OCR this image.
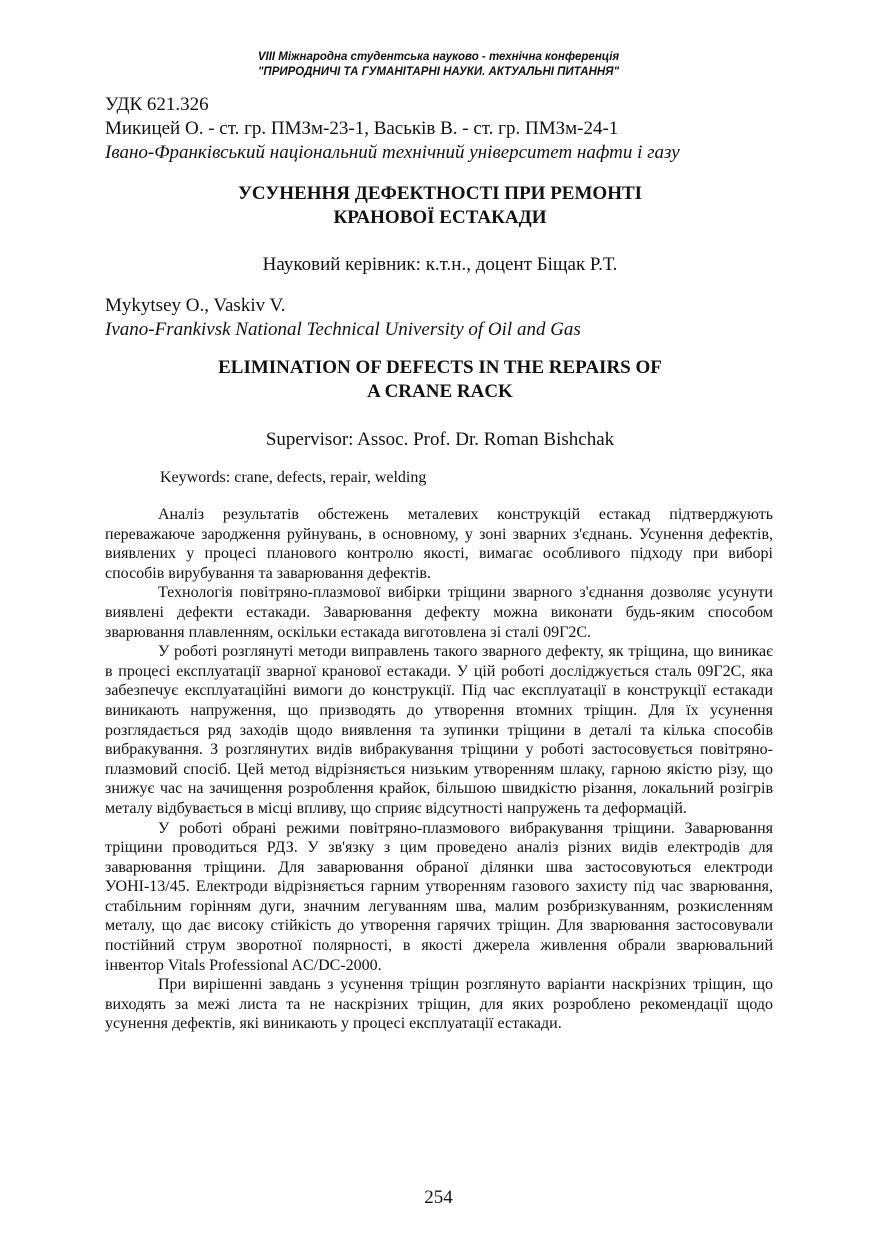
VIII Міжнародна студентська науково - технічна конференція
"ПРИРОДНИЧІ ТА ГУМАНІТАРНІ НАУКИ. АКТУАЛЬНІ ПИТАННЯ"
УДК 621.326
Микицей О. - ст. гр. ПМЗм-23-1, Васьків В. - ст. гр. ПМЗм-24-1
Івано-Франківський національний технічний університет нафти і газу
УСУНЕННЯ ДЕФЕКТНОСТІ ПРИ РЕМОНТІ
КРАНОВОЇ ЕСТАКАДИ
Науковий керівник: к.т.н., доцент Біщак Р.Т.
Mykytsey O., Vaskiv V.
Ivano-Frankivsk National Technical University of Oil and Gas
ELIMINATION OF DEFECTS IN THE REPAIRS OF
A CRANE RACK
Supervisor: Assoc. Prof. Dr. Roman Bishchak
Keywords: crane, defects, repair, welding

Аналіз результатів обстежень металевих конструкцій естакад підтверджують переважаюче зародження руйнувань, в основному, у зоні зварних з'єднань. Усунення дефектів, виявлених у процесі планового контролю якості, вимагає особливого підходу при виборі способів вирубування та заварювання дефектів.

Технологія повітряно-плазмової вибірки тріщини зварного з'єднання дозволяє усунути виявлені дефекти естакади. Заварювання дефекту можна виконати будь-яким способом зварювання плавленням, оскільки естакада виготовлена зі сталі 09Г2С.

У роботі розглянуті методи виправлень такого зварного дефекту, як тріщина, що виникає в процесі експлуатації зварної кранової естакади. У цій роботі досліджується сталь 09Г2С, яка забезпечує експлуатаційні вимоги до конструкції. Під час експлуатації в конструкції естакади виникають напруження, що призводять до утворення втомних тріщин. Для їх усунення розглядається ряд заходів щодо виявлення та зупинки тріщини в деталі та кілька способів вибракування. З розглянутих видів вибракування тріщини у роботі застосовується повітряно-плазмовий спосіб. Цей метод відрізняється низьким утворенням шлаку, гарною якістю різу, що знижує час на зачищення розроблення крайок, більшою швидкістю різання, локальний розігрів металу відбувається в місці впливу, що сприяє відсутності напружень та деформацій.

У роботі обрані режими повітряно-плазмового вибракування тріщини. Заварювання тріщини проводиться РДЗ. У зв'язку з цим проведено аналіз різних видів електродів для заварювання тріщини. Для заварювання обраної ділянки шва застосовуються електроди УОНІ-13/45. Електроди відрізняється гарним утворенням газового захисту під час зварювання, стабільним горінням дуги, значним легуванням шва, малим розбризкуванням, розкисленням металу, що дає високу стійкість до утворення гарячих тріщин. Для зварювання застосовували постійний струм зворотної полярності, в якості джерела живлення обрали зварювальний інвентор Vitals Professional AC/DC-2000.

При вирішенні завдань з усунення тріщин розглянуто варіанти наскрізних тріщин, що виходять за межі листа та не наскрізних тріщин, для яких розроблено рекомендації щодо усунення дефектів, які виникають у процесі експлуатації естакади.

254
